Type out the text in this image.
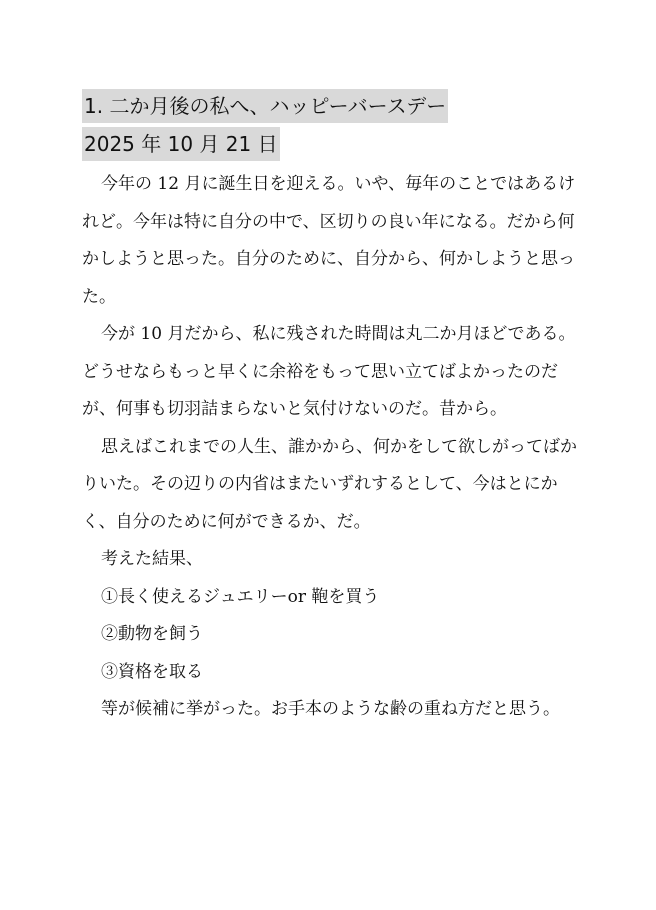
1. 二か月後の私へ、ハッピーバースデー
2025 年 10 月 21 日

今年の 12 月に誕生日を迎える。いや、毎年のことではあるけれど。今年は特に自分の中で、区切りの良い年になる。だから何かしようと思った。自分のために、自分から、何かしようと思った。

今が 10 月だから、私に残された時間は丸二か月ほどである。どうせならもっと早くに余裕をもって思い立てばよかったのだが、何事も切羽詰まらないと気付けないのだ。昔から。

思えばこれまでの人生、誰かから、何かをして欲しがってばかりいた。その辺りの内省はまたいずれするとして、今はとにかく、自分のために何ができるか、だ。

考えた結果、

①長く使えるジュエリーor 鞄を買う

②動物を飼う

③資格を取る

等が候補に挙がった。お手本のような齢の重ね方だと思う。
